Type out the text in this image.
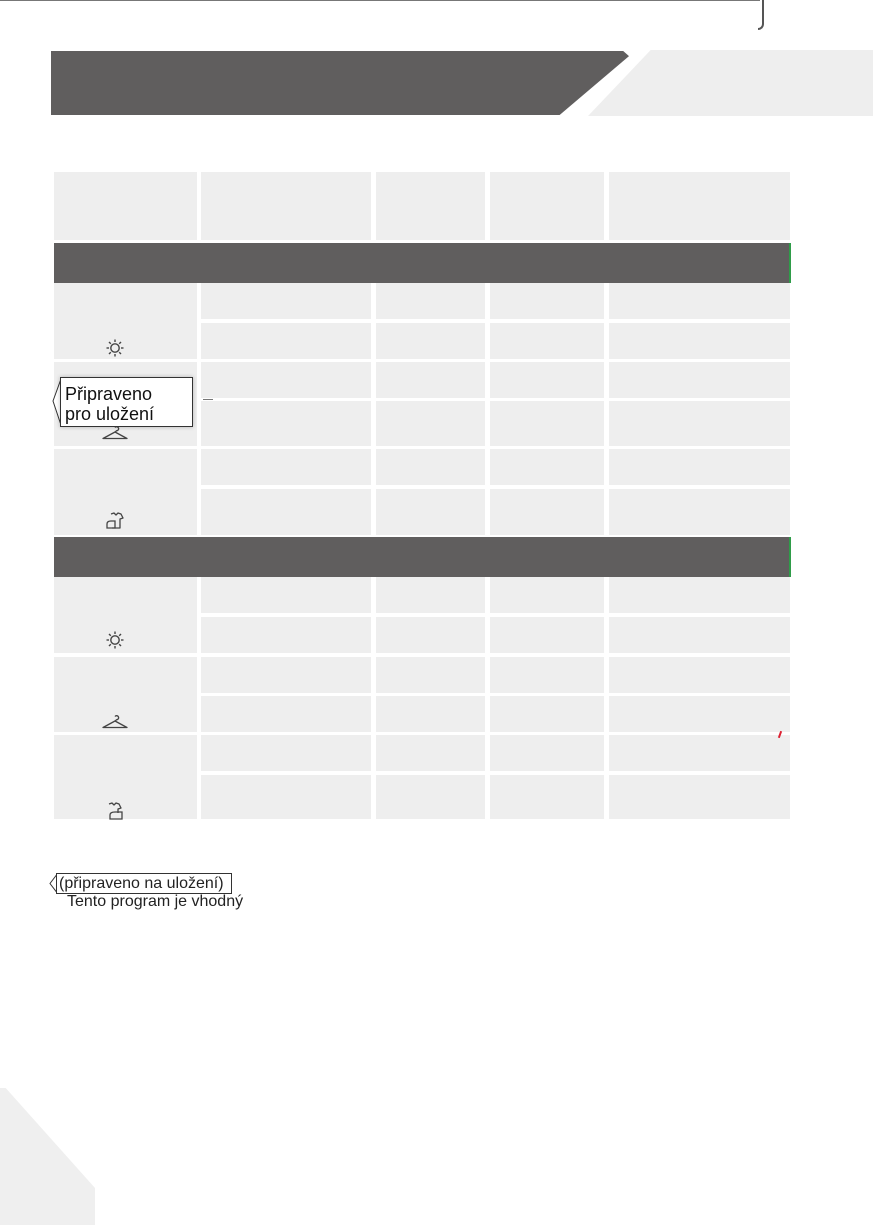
Připraveno
pro uložení
(připraveno na uložení)
Tento program je vhodný
